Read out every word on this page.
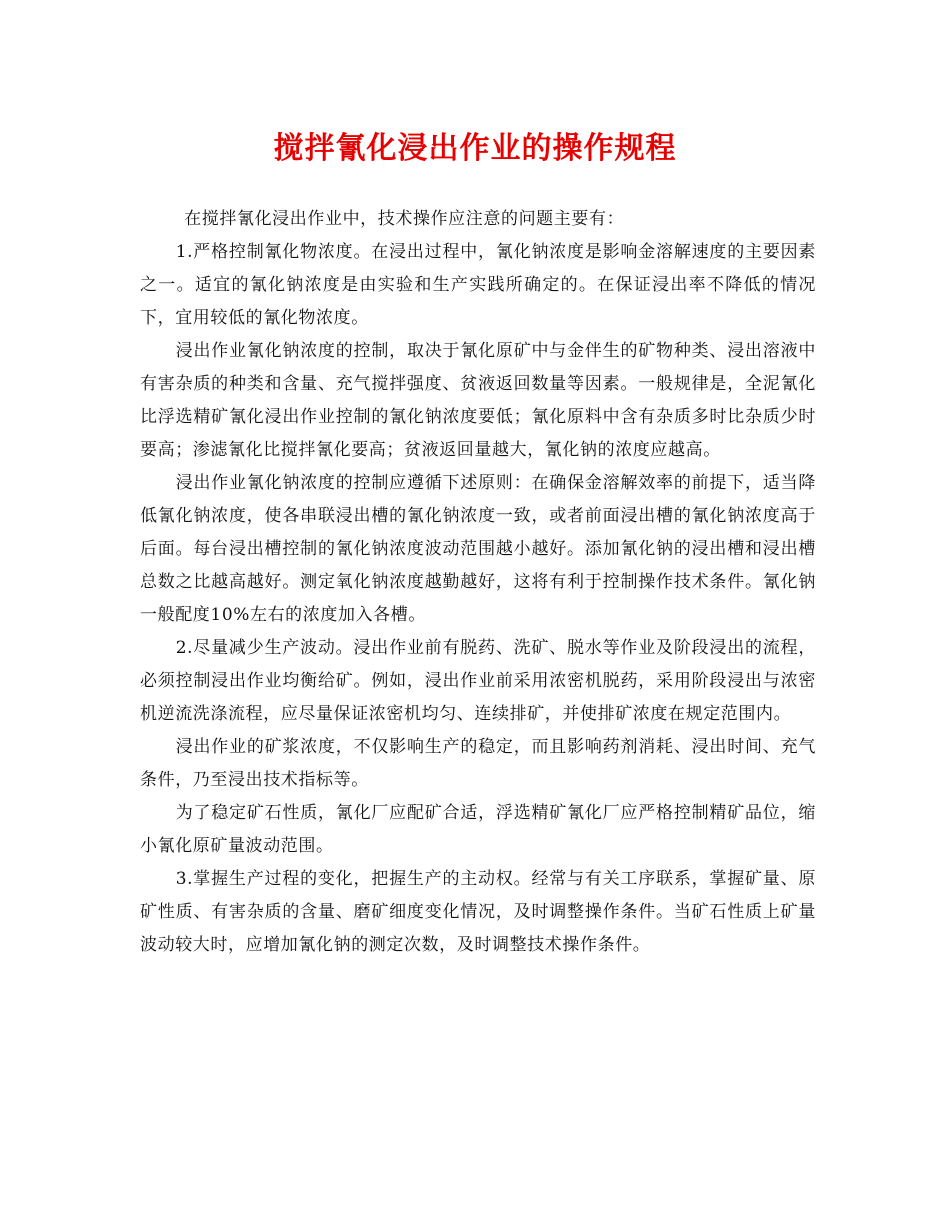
搅拌氰化浸出作业的操作规程

在搅拌氰化浸出作业中，技术操作应注意的问题主要有：

1.严格控制氰化物浓度。在浸出过程中，氰化钠浓度是影响金溶解速度的主要因素之一。适宜的氰化钠浓度是由实验和生产实践所确定的。在保证浸出率不降低的情况下，宜用较低的氰化物浓度。

浸出作业氰化钠浓度的控制，取决于氰化原矿中与金伴生的矿物种类、浸出溶液中有害杂质的种类和含量、充气搅拌强度、贫液返回数量等因素。一般规律是，全泥氰化比浮选精矿氰化浸出作业控制的氰化钠浓度要低；氰化原料中含有杂质多时比杂质少时要高；渗滤氰化比搅拌氰化要高；贫液返回量越大，氰化钠的浓度应越高。

浸出作业氰化钠浓度的控制应遵循下述原则：在确保金溶解效率的前提下，适当降低氰化钠浓度，使各串联浸出槽的氰化钠浓度一致，或者前面浸出槽的氰化钠浓度高于后面。每台浸出槽控制的氰化钠浓度波动范围越小越好。添加氰化钠的浸出槽和浸出槽总数之比越高越好。测定氧化钠浓度越勤越好，这将有利于控制操作技术条件。氰化钠一般配度10%左右的浓度加入各槽。

2.尽量减少生产波动。浸出作业前有脱药、洗矿、脱水等作业及阶段浸出的流程，必须控制浸出作业均衡给矿。例如，浸出作业前采用浓密机脱药，采用阶段浸出与浓密机逆流洗涤流程，应尽量保证浓密机均匀、连续排矿，并使排矿浓度在规定范围内。

浸出作业的矿浆浓度，不仅影响生产的稳定，而且影响药剂消耗、浸出时间、充气条件，乃至浸出技术指标等。

为了稳定矿石性质，氰化厂应配矿合适，浮选精矿氰化厂应严格控制精矿品位，缩小氰化原矿量波动范围。

3.掌握生产过程的变化，把握生产的主动权。经常与有关工序联系，掌握矿量、原矿性质、有害杂质的含量、磨矿细度变化情况，及时调整操作条件。当矿石性质上矿量波动较大时，应增加氰化钠的测定次数，及时调整技术操作条件。
